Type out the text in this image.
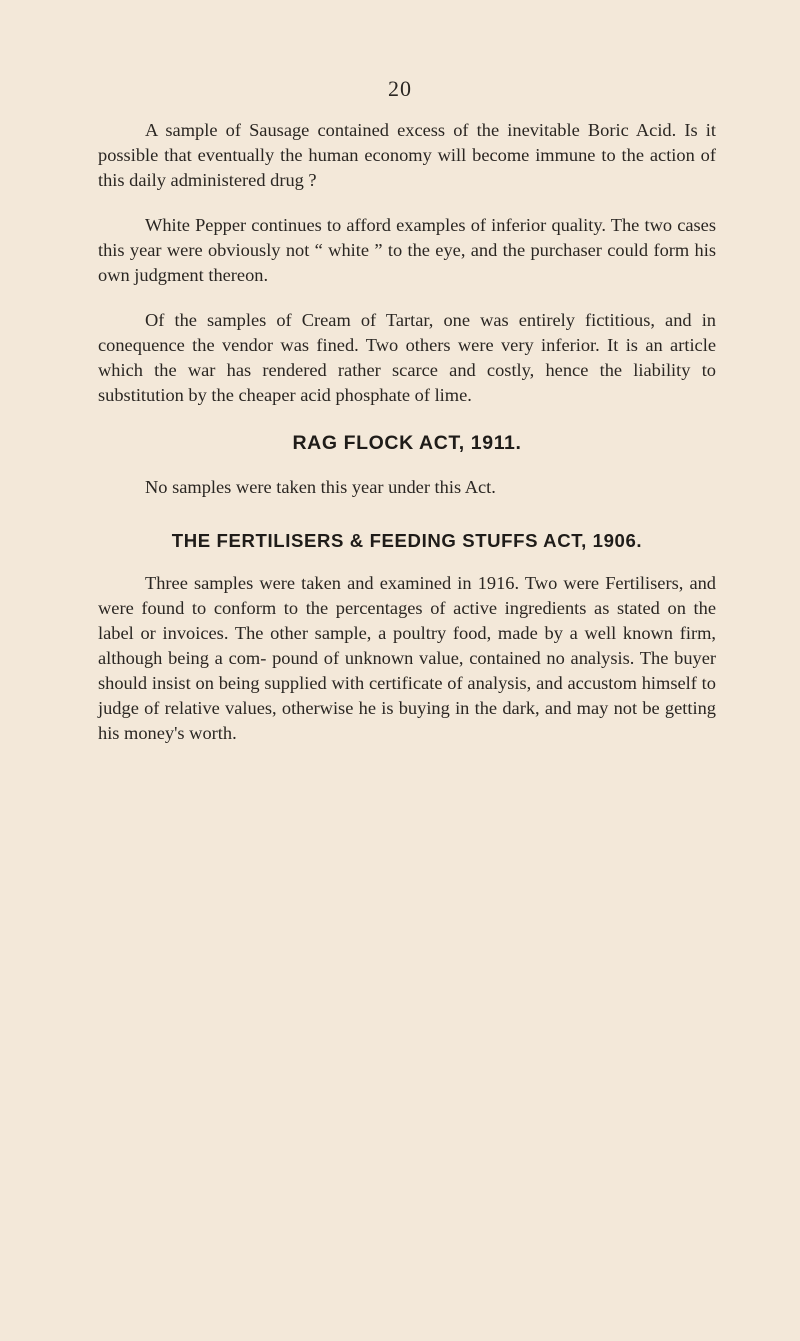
20

A sample of Sausage contained excess of the inevitable Boric Acid. Is it possible that eventually the human economy will become immune to the action of this daily administered drug ?

White Pepper continues to afford examples of inferior quality. The two cases this year were obviously not “ white ” to the eye, and the purchaser could form his own judgment thereon.

Of the samples of Cream of Tartar, one was entirely fictitious, and in conequence the vendor was fined. Two others were very inferior. It is an article which the war has rendered rather scarce and costly, hence the liability to substitution by the cheaper acid phosphate of lime.

RAG FLOCK ACT, 1911.

No samples were taken this year under this Act.

THE FERTILISERS & FEEDING STUFFS ACT, 1906.

Three samples were taken and examined in 1916. Two were Fertilisers, and were found to conform to the percentages of active ingredients as stated on the label or invoices. The other sample, a poultry food, made by a well known firm, although being a com- pound of unknown value, contained no analysis. The buyer should insist on being supplied with certificate of analysis, and accustom himself to judge of relative values, otherwise he is buying in the dark, and may not be getting his money's worth.
